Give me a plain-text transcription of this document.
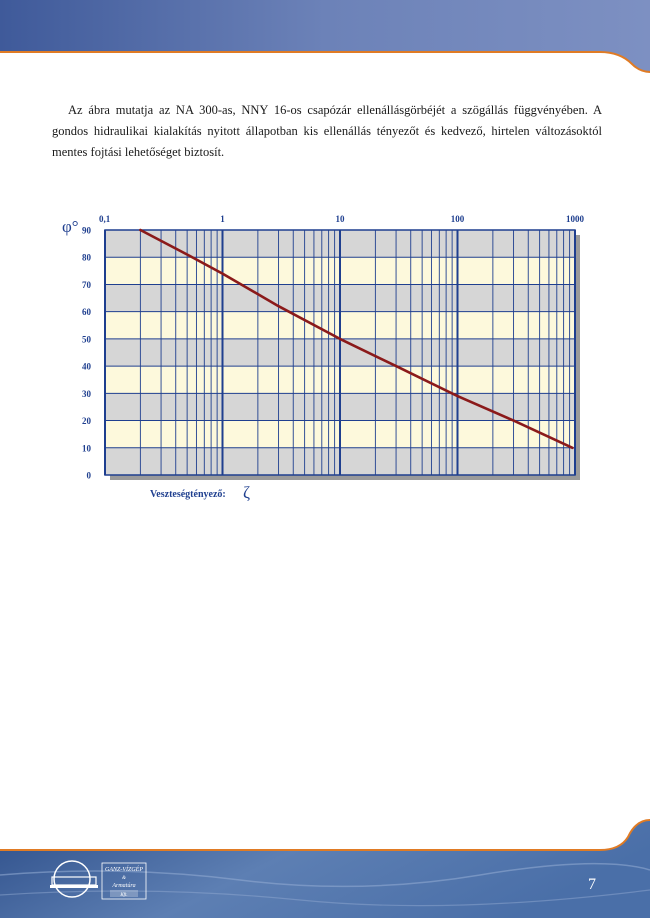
Az ábra mutatja az NA 300-as, NNY 16-os csapózár ellenállásgörbéjét a szögállás függvényében. A gondos hidraulikai kialakítás nyitott állapotban kis ellenállás tényezőt és kedvező, hirtelen változásoktól mentes fojtási lehetőséget biztosít.

0,1	1	10	100	1000
0
10
20
30
40
50
60
70
80
90
φ°
Veszteségtényező: ζ
GANZ-VÍZGÉP
&
Armatúra
Kft.
7
